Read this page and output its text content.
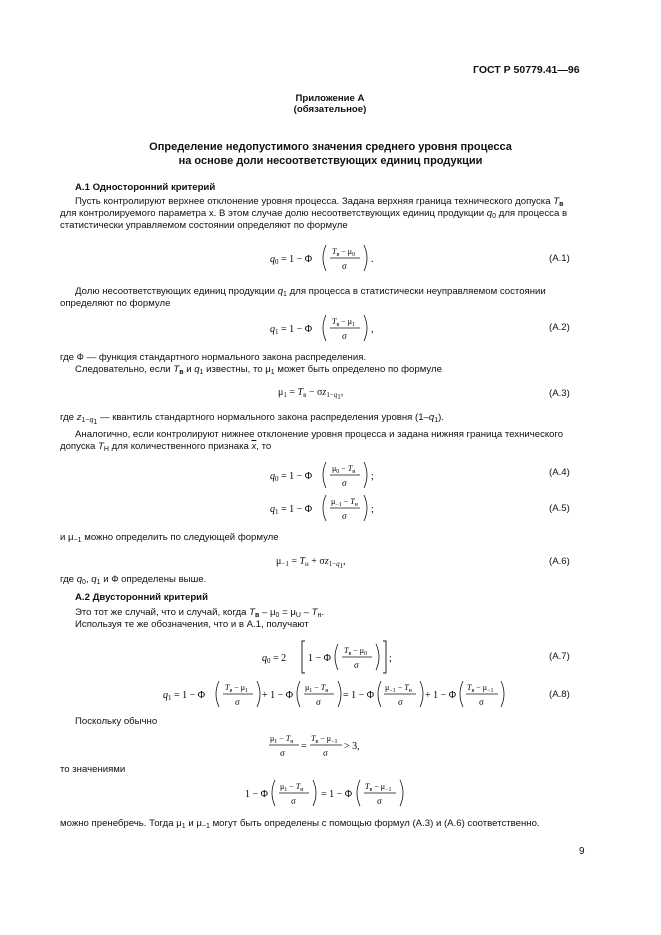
ГОСТ Р 50779.41—96
Приложение А
(обязательное)
Определение недопустимого значения среднего уровня процесса
на основе доли несоответствующих единиц продукции
А.1 Односторонний критерий
Пусть контролируют верхнее отклонение уровня процесса. Задана верхняя граница технического допуска $T_в$
для контролируемого параметра x. В этом случае долю несоответствующих единиц продукции $q_0$ для процесса в
статистически управляемом состоянии определяют по формуле
$q_0 = 1 - \Phi$
$T_в - \mu_0$
σ
.	(А.1)
Долю несоответствующих единиц продукции $q_1$ для процесса в статистически неуправляемом состоянии
определяют по формуле
$q_1 = 1 - \Phi$
$T_в - \mu_1$
σ
,	(А.2)
где Ф — функция стандартного нормального закона распределения.
Следовательно, если $T_в$ и $q_1$ известны, то $\mu_1$ может быть определено по формуле
$\mu_1 = T_в - \sigma z_{1-q_1}$,	(А.3)
где $z_{1-q_1}$ — квантиль стандартного нормального закона распределения уровня $(1-q_1)$.
Аналогично, если контролируют нижнее отклонение уровня процесса и задана нижняя граница технического
допуска $T_Н$ для количественного признака $\overline{x}$, то
$q_0 = 1 - \Phi$
$\mu_0 - T_н$
σ
;	(А.4)
$q_1 = 1 - \Phi$
$\mu_{-1} - T_н$
σ
;	(А.5)
и $\mu_{-1}$ можно определить по следующей формуле
$\mu_{-1} = T_н + \sigma z_{1-q_1}$,	(А.6)
где $q_0$, $q_1$ и Ф определены выше.
А.2 Двусторонний критерий
Это тот же случай, что и случай, когда $T_в - \mu_0 = \mu_U - T_н$.
Используя те же обозначения, что и в А.1, получают
$q_0 = 2$ 1 − Φ
$T_в - \mu_0$
σ
;	(А.7)
$q_1 = 1 - \Phi$
$T_в - \mu_1$
σ
+ 1 − Φ
$\mu_1 - T_н$
σ
= 1 − Φ
$\mu_{-1} - T_н$
σ
+ 1 − Φ
$T_в - \mu_{-1}$
σ
(А.8)
Поскольку обычно
$\mu_1 - T_н$
σ
=
$T_в - \mu_{-1}$
σ
> 3,
то значениями
1 − Φ
$\mu_1 - T_н$
σ
= 1 − Φ
$T_в - \mu_{-1}$
σ
можно пренебречь. Тогда $\mu_1$ и $\mu_{-1}$ могут быть определены с помощью формул (А.3) и (А.6) соответственно.
9
